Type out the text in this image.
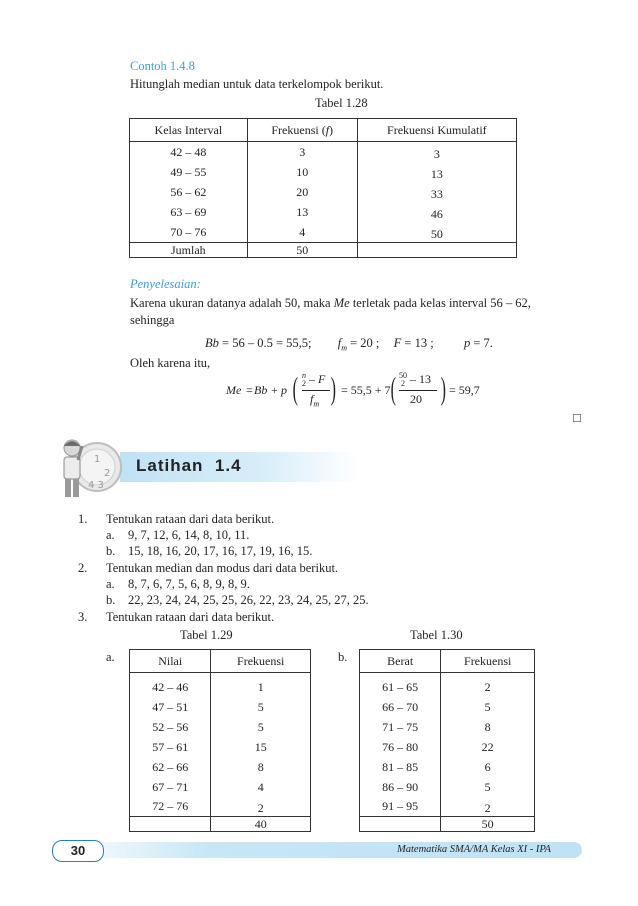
Contoh 1.4.8
Hitunglah median untuk data terkelompok berikut.
Tabel 1.28
Kelas Interval	Frekuensi (f)	Frekuensi Kumulatif
42 – 48	3	3
49 – 55	10	13
56 – 62	20	33
63 – 69	13	46
70 – 76	4	50
Jumlah	50	
Penyelesaian:
Karena ukuran datanya adalah 50, maka Me terletak pada kelas interval 56 – 62,
sehingga
Bb = 56 – 0.5 = 55,5; $f_m = 20$ ; F = 13 ; p = 7.
Oleh karena itu,
Me =
Bb + p ( n
2 – F
$f_m$ ) = 55,5 + 7 ( 50
2 – 13
20 ) = 59,7
□
1
2
4 3
Latihan  1.4
1. Tentukan rataan dari data berikut.
a. 9, 7, 12, 6, 14, 8, 10, 11.
b. 15, 18, 16, 20, 17, 16, 17, 19, 16, 15.
2. Tentukan median dan modus dari data berikut.
a. 8, 7, 6, 7, 5, 6, 8, 9, 8, 9.
b. 22, 23, 24, 24, 25, 25, 26, 22, 23, 24, 25, 27, 25.
3. Tentukan rataan dari data berikut.
Tabel 1.29
a.	Nilai	Frekuensi
42 – 46	1
47 – 51	5
52 – 56	5
57 – 61	15
62 – 66	8
67 – 71	4
72 – 76	2
	40
Tabel 1.30
b.	Berat	Frekuensi
61 – 65	2
66 – 70	5
71 – 75	8
76 – 80	22
81 – 85	6
86 – 90	5
91 – 95	2
	50
30	Matematika SMA/MA Kelas XI - IPA
